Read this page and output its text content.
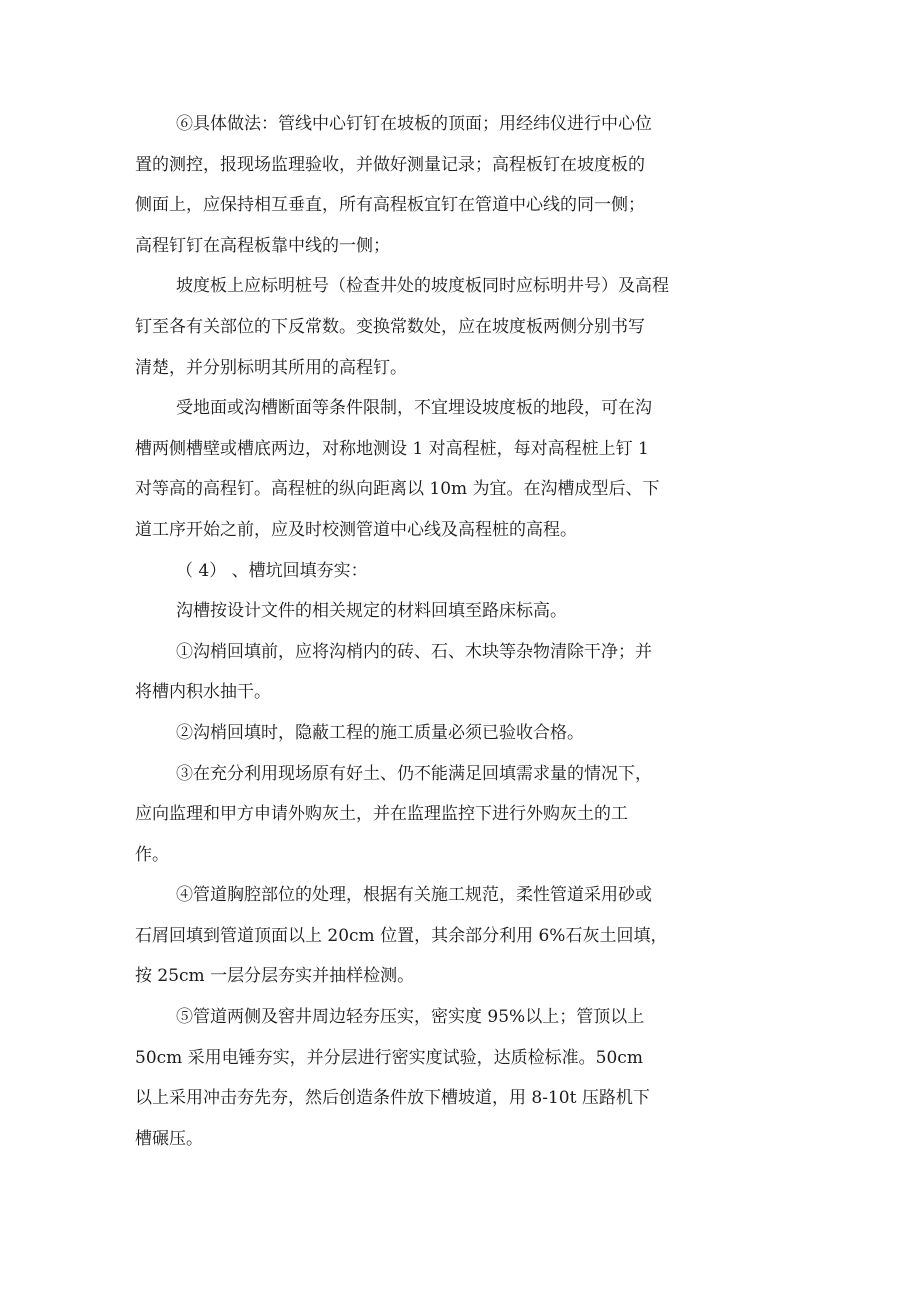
⑥具体做法：管线中心钉钉在坡板的顶面；用经纬仪进行中心位
置的测控，报现场监理验收，并做好测量记录；高程板钉在坡度板的
侧面上，应保持相互垂直，所有高程板宜钉在管道中心线的同一侧；
高程钉钉在高程板靠中线的一侧；
坡度板上应标明桩号（检查井处的坡度板同时应标明井号）及高程
钉至各有关部位的下反常数。变换常数处，应在坡度板两侧分别书写
清楚，并分别标明其所用的高程钉。
受地面或沟槽断面等条件限制，不宜埋设坡度板的地段，可在沟
槽两侧槽壁或槽底两边，对称地测设 1 对高程桩，每对高程桩上钉 1
对等高的高程钉。高程桩的纵向距离以 10m 为宜。在沟槽成型后、下
道工序开始之前，应及时校测管道中心线及高程桩的高程。
（ 4） 、槽坑回填夯实：
沟槽按设计文件的相关规定的材料回填至路床标高。
①沟梢回填前，应将沟梢内的砖、石、木块等杂物清除干净；并
将槽内积水抽干。
②沟梢回填时，隐蔽工程的施工质量必须已验收合格。
③在充分利用现场原有好土、仍不能满足回填需求量的情况下，
应向监理和甲方申请外购灰土，并在监理监控下进行外购灰土的工
作。
④管道胸腔部位的处理，根据有关施工规范，柔性管道采用砂或
石屑回填到管道顶面以上 20cm 位置，其余部分利用 6%石灰土回填，
按 25cm 一层分层夯实并抽样检测。
⑤管道两侧及窖井周边轻夯压实，密实度 95%以上；管顶以上
50cm 采用电锤夯实，并分层进行密实度试验，达质检标准。50cm
以上采用冲击夯先夯，然后创造条件放下槽坡道，用 8-10t 压路机下
槽碾压。
